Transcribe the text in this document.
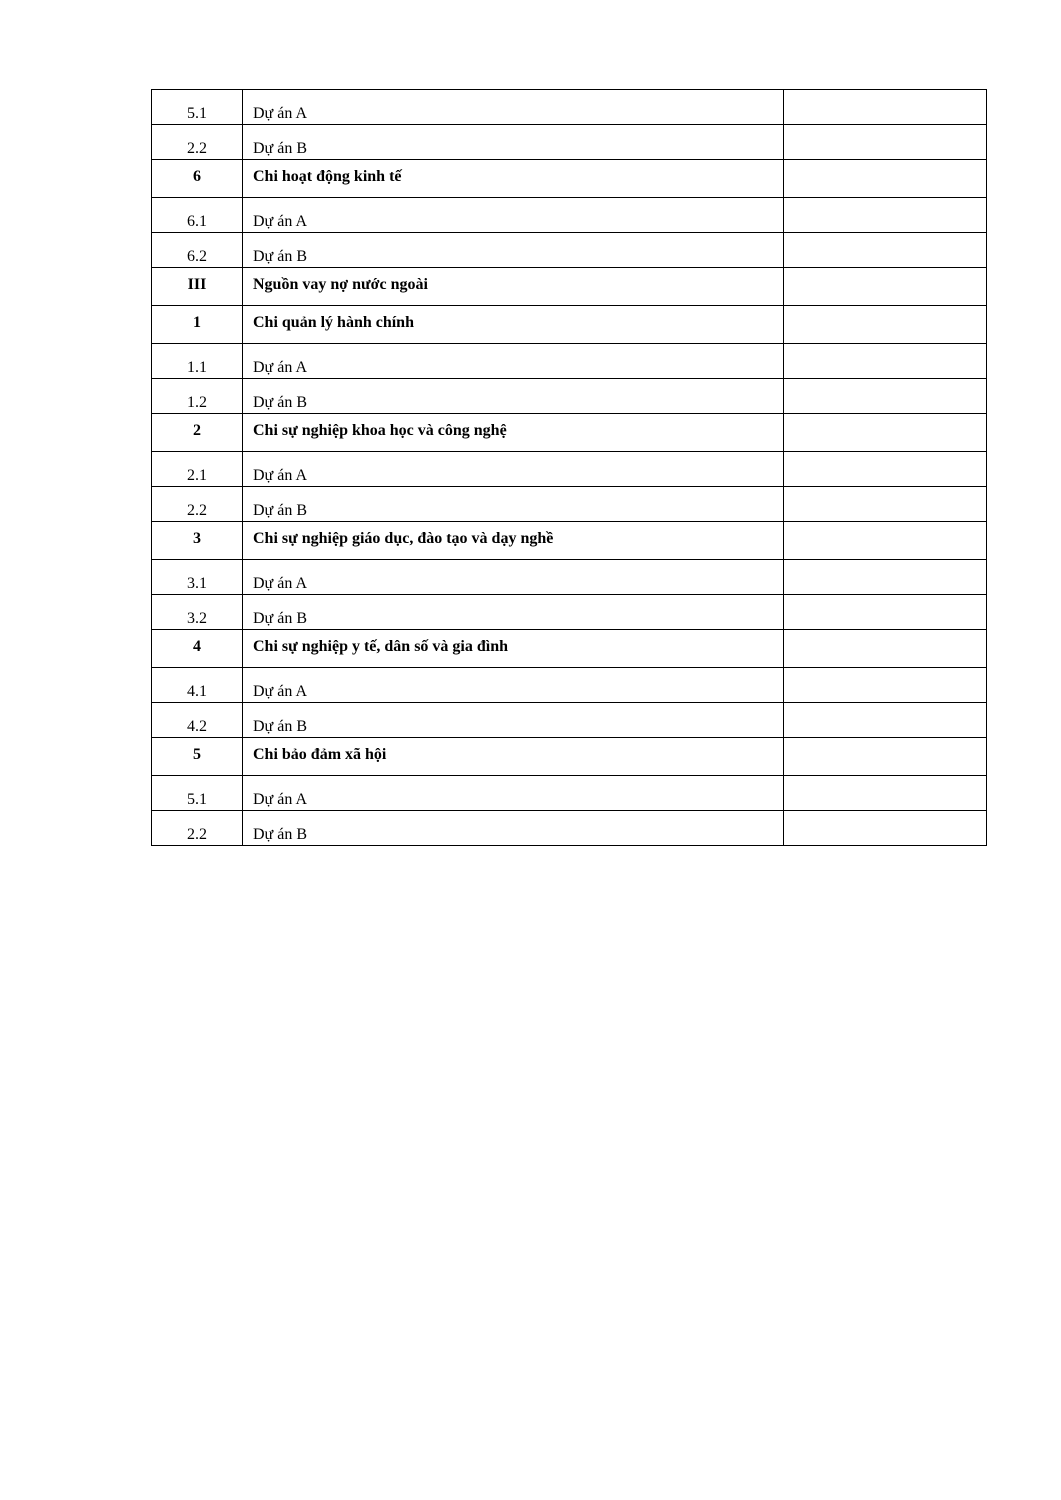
5.1	Dự án A	
2.2	Dự án B	
6	Chi hoạt động kinh tế	
6.1	Dự án A	
6.2	Dự án B	
III	Nguồn vay nợ nước ngoài	
1	Chi quản lý hành chính	
1.1	Dự án A	
1.2	Dự án B	
2	Chi sự nghiệp khoa học và công nghệ	
2.1	Dự án A	
2.2	Dự án B	
3	Chi sự nghiệp giáo dục, đào tạo và dạy nghề	
3.1	Dự án A	
3.2	Dự án B	
4	Chi sự nghiệp y tế, dân số và gia đình	
4.1	Dự án A	
4.2	Dự án B	
5	Chi bảo đảm xã hội	
5.1	Dự án A	
2.2	Dự án B	
